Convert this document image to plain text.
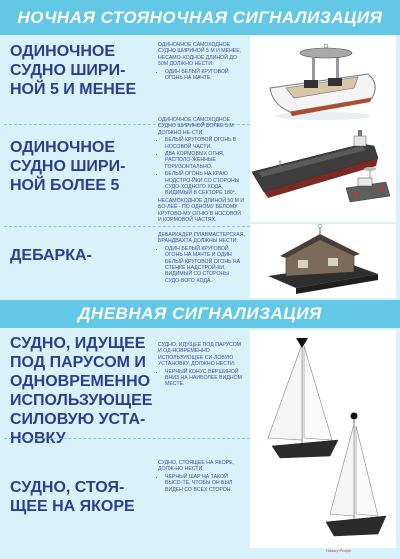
НОЧНАЯ СТОЯНОЧНАЯ СИГНАЛИЗАЦИЯ
ОДИНОЧНОЕ
СУДНО ШИРИ-
НОЙ 5 И МЕНЕЕ

ОДИНОЧНОЕ САМОХОДНОЕ СУДНО ШИРИНОЙ 5 М И МЕНЕЕ, НЕСАМО-ХОДНОЕ ДЛИНОЙ ДО 50М ДОЛЖНО НЕСТИ:

• ОДИН БЕЛЫЙ КРУГОВОЙ ОГОНЬ НА МАЧТЕ.
ОДИНОЧНОЕ
СУДНО ШИРИ-
НОЙ БОЛЕЕ 5

ОДИНОЧНОЕ САМОХОДНОЕ СУДНО ШИРИНОЙ БОЛЕЕ 5 М ДОЛЖНО НЕ-СТИ:

• БЕЛЫЙ КРУГОВОЙ ОГОНЬ В НОСОВОЙ ЧАСТИ.
• ДВА КОРМОВЫХ ОГНЯ, РАСПОЛО-ЖЕННЫЕ ГОРИЗОНТАЛЬНО.
• БЕЛЫЙ ОГОНЬ НА КРАЮ НОДСТРО-ЙКИ СО СТОРОНЫ СУДО-ХОДНОГО ХОДА, ВИДИМЫЙ В СЕКТОРЕ 180°.

НЕСАМОХОДНОЕ ДЛИНОЙ 50 М И БО-ЛЕЕ - ПО ОДНОМУ БЕЛОМУ КРУГОВО-МУ ОГНЮ В НОСОВОЙ И КОРМОВОЙ ЧАСТЯХ.

ДЕБАРКА-

ДЕБАРКАДЕР, ПЛАВМАСТЕРСКАЯ, БРАНДВАХТА ДОЛЖНЫ НЕСТИ:

• ОДИН БЕЛЫЙ КРУГОВОЙ ОГОНЬ НА МАЧТЕ И ОДИН БЕЛЫЙ КРУГОВОЙ ОГОНЬ НА СТЕНКЕ НАДСТРОЙ-КИ, ВИДИМЫЙ СО СТОРОНЫ СУДО-ВОГО ХОДА.
ДНЕВНАЯ СИГНАЛИЗАЦИЯ
СУДНО, ИДУЩЕЕ
ПОД ПАРУСОМ И
ОДНОВРЕМЕННО
ИСПОЛЬЗУЮЩЕЕ
СИЛОВУЮ УСТА-
НОВКУ

СУДНО, ИДУЩЕЕ ПОД ПАРУСОМ И ОД-НОВРЕМЕННО ИСПОЛЬЗУЮЩЕЕ СИ-ЛОВУЮ УСТАНОВКУ, ДОЛЖНО НЕСТИ:

• ЧЕРНЫЙ КОНУС ВЕРШИНОЙ ВНИЗ НА НАИБОЛЕЕ ВИДНОМ МЕСТЕ.
СУДНО, СТОЯ-
ЩЕЕ НА ЯКОРЕ

СУДНО, СТОЯЩЕЕ НА ЯКОРЕ, ДОЛЖ-НО НЕСТИ:

• ЧЕРНЫЙ ШАР НА ТАКОЙ ВЫСО-ТЕ, ЧТОБЫ ОН БЫЛ ВИДЕН СО ВСЕХ СТОРОН.
History Prople
